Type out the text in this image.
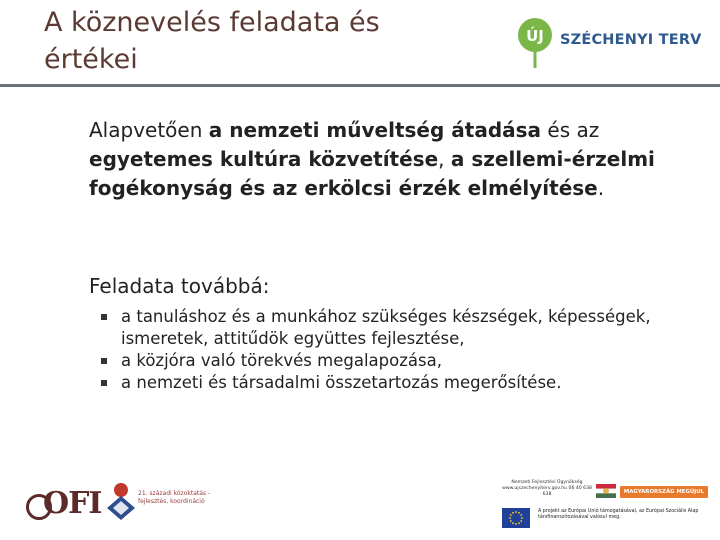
A köznevelés feladata és értékei
ÚJ SZÉCHENYI TERV
Alapvetően a nemzeti műveltség átadása és az egyetemes kultúra közvetítése, a szellemi-érzelmi fogékonyság és az erkölcsi érzék elmélyítése.
Feladata továbbá:
a tanuláshoz és a munkához szükséges készségek, képességek, ismeretek, attitűdök együttes fejlesztése,
a közjóra való törekvés megalapozása,
a nemzeti és társadalmi összetartozás megerősítése.
OFI	21. századi közoktatás - fejlesztés, koordináció
Nemzeti Fejlesztési Ügynökség www.ujszechenyiterv.gov.hu 06 40 638 638	MAGYARORSZÁG MEGÚJUL
A projekt az Európai Unió támogatásával, az Európai Szociális Alap társfinanszírozásával valósul meg.
